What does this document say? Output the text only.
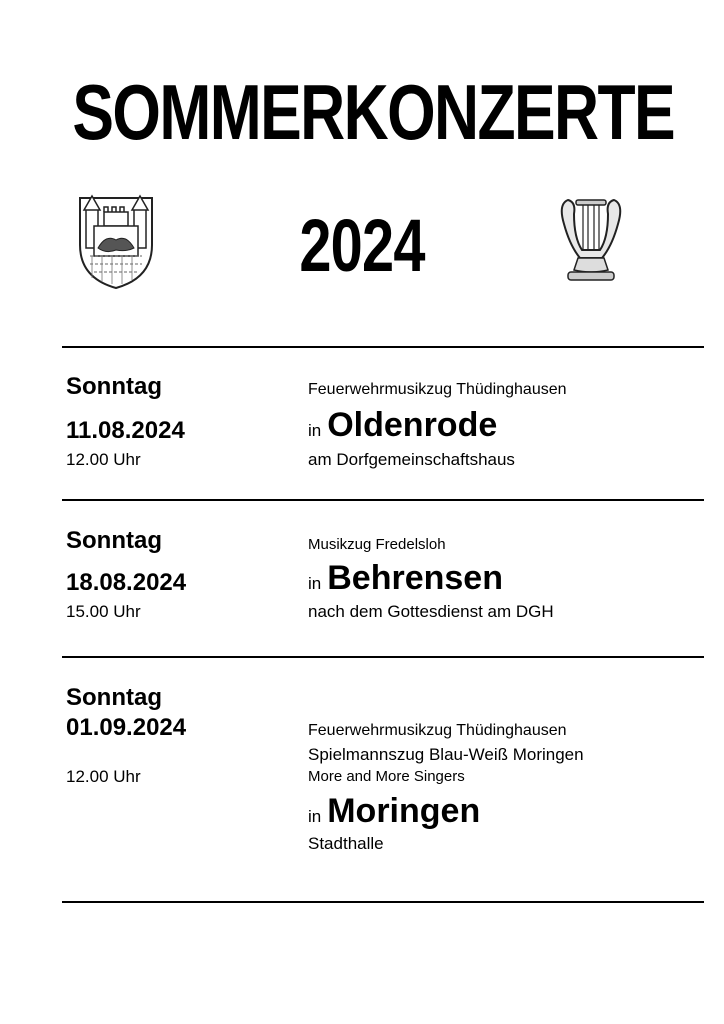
SOMMERKONZERTE
2024
Sonntag
11.08.2024
12.00 Uhr
Feuerwehrmusikzug Thüdinghausen
in Oldenrode
am Dorfgemeinschaftshaus
Sonntag
18.08.2024
15.00 Uhr
Musikzug Fredelsloh
in Behrensen
nach dem Gottesdienst am DGH
Sonntag
01.09.2024
12.00 Uhr
Feuerwehrmusikzug Thüdinghausen
Spielmannszug Blau-Weiß Moringen
More and More Singers
in Moringen
Stadthalle
